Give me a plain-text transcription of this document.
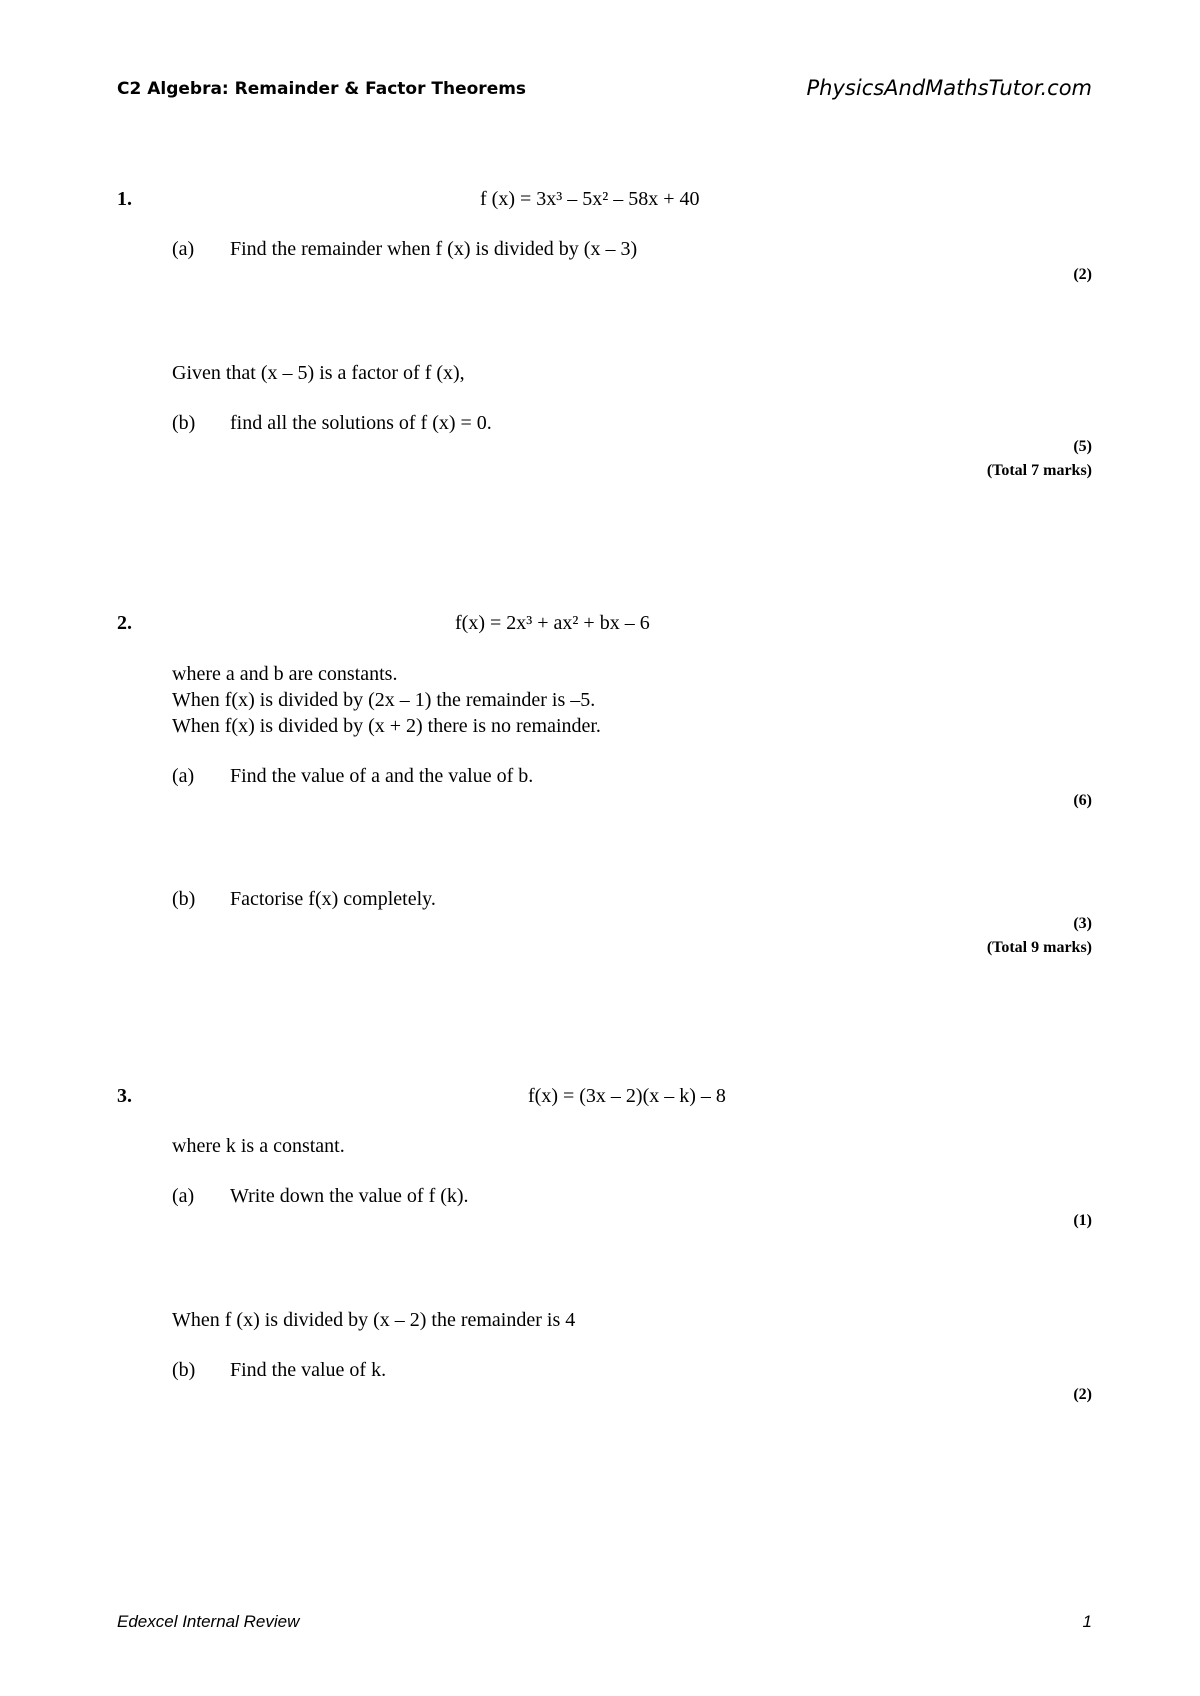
C2 Algebra: Remainder & Factor Theorems	PhysicsAndMathsTutor.com
1.	f (x) = 3x³ – 5x² – 58x + 40
(a) Find the remainder when f (x) is divided by (x – 3)
(2)
Given that (x – 5) is a factor of f (x),
(b) find all the solutions of f (x) = 0.
(5)
(Total 7 marks)
2.	f(x) = 2x³ + ax² + bx – 6
where a and b are constants.
When f(x) is divided by (2x – 1) the remainder is –5.
When f(x) is divided by (x + 2) there is no remainder.
(a) Find the value of a and the value of b.
(6)
(b) Factorise f(x) completely.
(3)
(Total 9 marks)
3.	f(x) = (3x – 2)(x – k) – 8
where k is a constant.
(a) Write down the value of f (k).
(1)
When f (x) is divided by (x – 2) the remainder is 4
(b) Find the value of k.
(2)
Edexcel Internal Review	1
